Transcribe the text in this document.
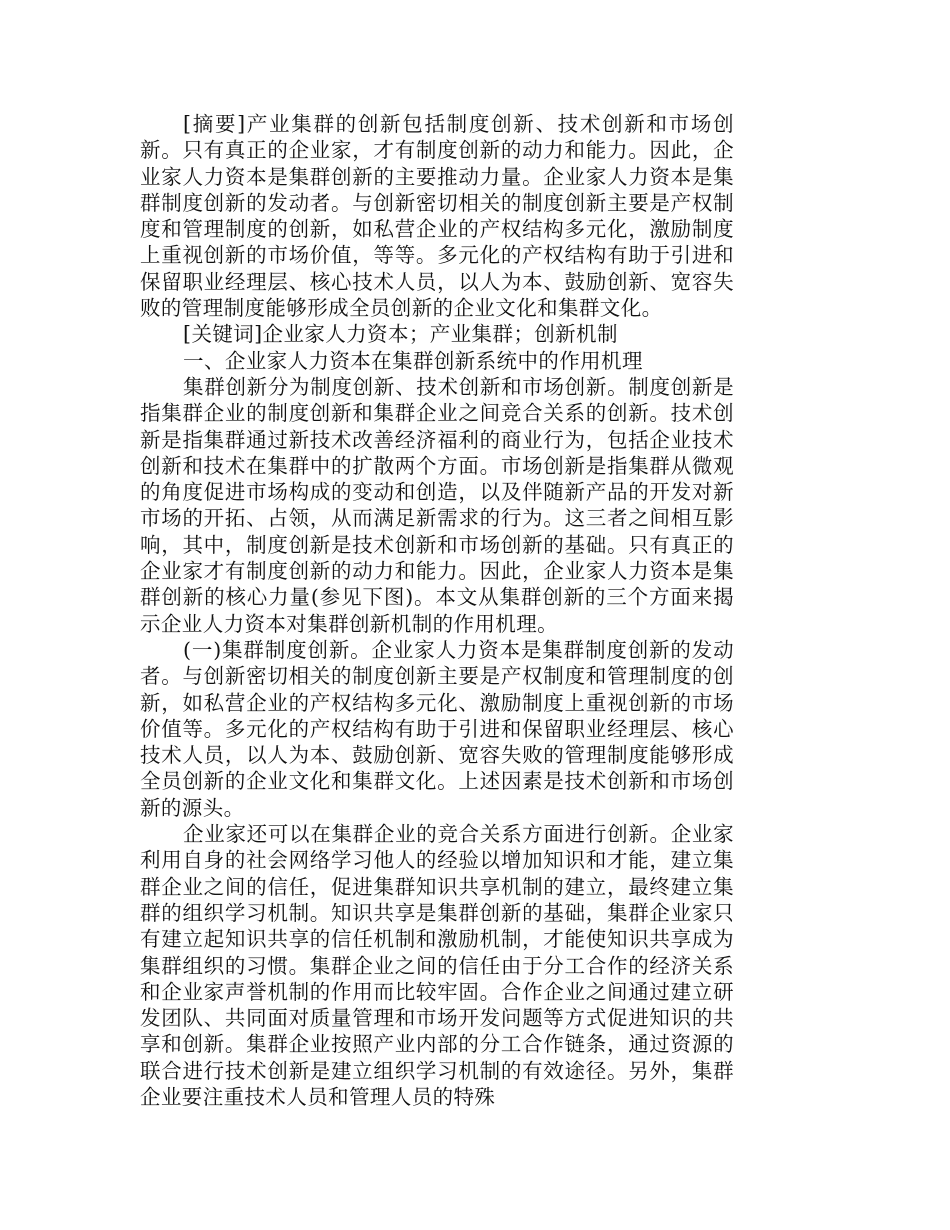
[摘要]产业集群的创新包括制度创新、技术创新和市场创新。只有真正的企业家，才有制度创新的动力和能力。因此，企业家人力资本是集群创新的主要推动力量。企业家人力资本是集群制度创新的发动者。与创新密切相关的制度创新主要是产权制度和管理制度的创新，如私营企业的产权结构多元化，激励制度上重视创新的市场价值，等等。多元化的产权结构有助于引进和保留职业经理层、核心技术人员，以人为本、鼓励创新、宽容失败的管理制度能够形成全员创新的企业文化和集群文化。

[关键词]企业家人力资本；产业集群；创新机制

一、企业家人力资本在集群创新系统中的作用机理

集群创新分为制度创新、技术创新和市场创新。制度创新是指集群企业的制度创新和集群企业之间竞合关系的创新。技术创新是指集群通过新技术改善经济福利的商业行为，包括企业技术创新和技术在集群中的扩散两个方面。市场创新是指集群从微观的角度促进市场构成的变动和创造，以及伴随新产品的开发对新市场的开拓、占领，从而满足新需求的行为。这三者之间相互影响，其中，制度创新是技术创新和市场创新的基础。只有真正的企业家才有制度创新的动力和能力。因此，企业家人力资本是集群创新的核心力量(参见下图)。本文从集群创新的三个方面来揭示企业人力资本对集群创新机制的作用机理。

(一)集群制度创新。企业家人力资本是集群制度创新的发动者。与创新密切相关的制度创新主要是产权制度和管理制度的创新，如私营企业的产权结构多元化、激励制度上重视创新的市场价值等。多元化的产权结构有助于引进和保留职业经理层、核心技术人员，以人为本、鼓励创新、宽容失败的管理制度能够形成全员创新的企业文化和集群文化。上述因素是技术创新和市场创新的源头。

企业家还可以在集群企业的竞合关系方面进行创新。企业家利用自身的社会网络学习他人的经验以增加知识和才能，建立集群企业之间的信任，促进集群知识共享机制的建立，最终建立集群的组织学习机制。知识共享是集群创新的基础，集群企业家只有建立起知识共享的信任机制和激励机制，才能使知识共享成为集群组织的习惯。集群企业之间的信任由于分工合作的经济关系和企业家声誉机制的作用而比较牢固。合作企业之间通过建立研发团队、共同面对质量管理和市场开发问题等方式促进知识的共享和创新。集群企业按照产业内部的分工合作链条，通过资源的联合进行技术创新是建立组织学习机制的有效途径。另外，集群企业要注重技术人员和管理人员的特殊
